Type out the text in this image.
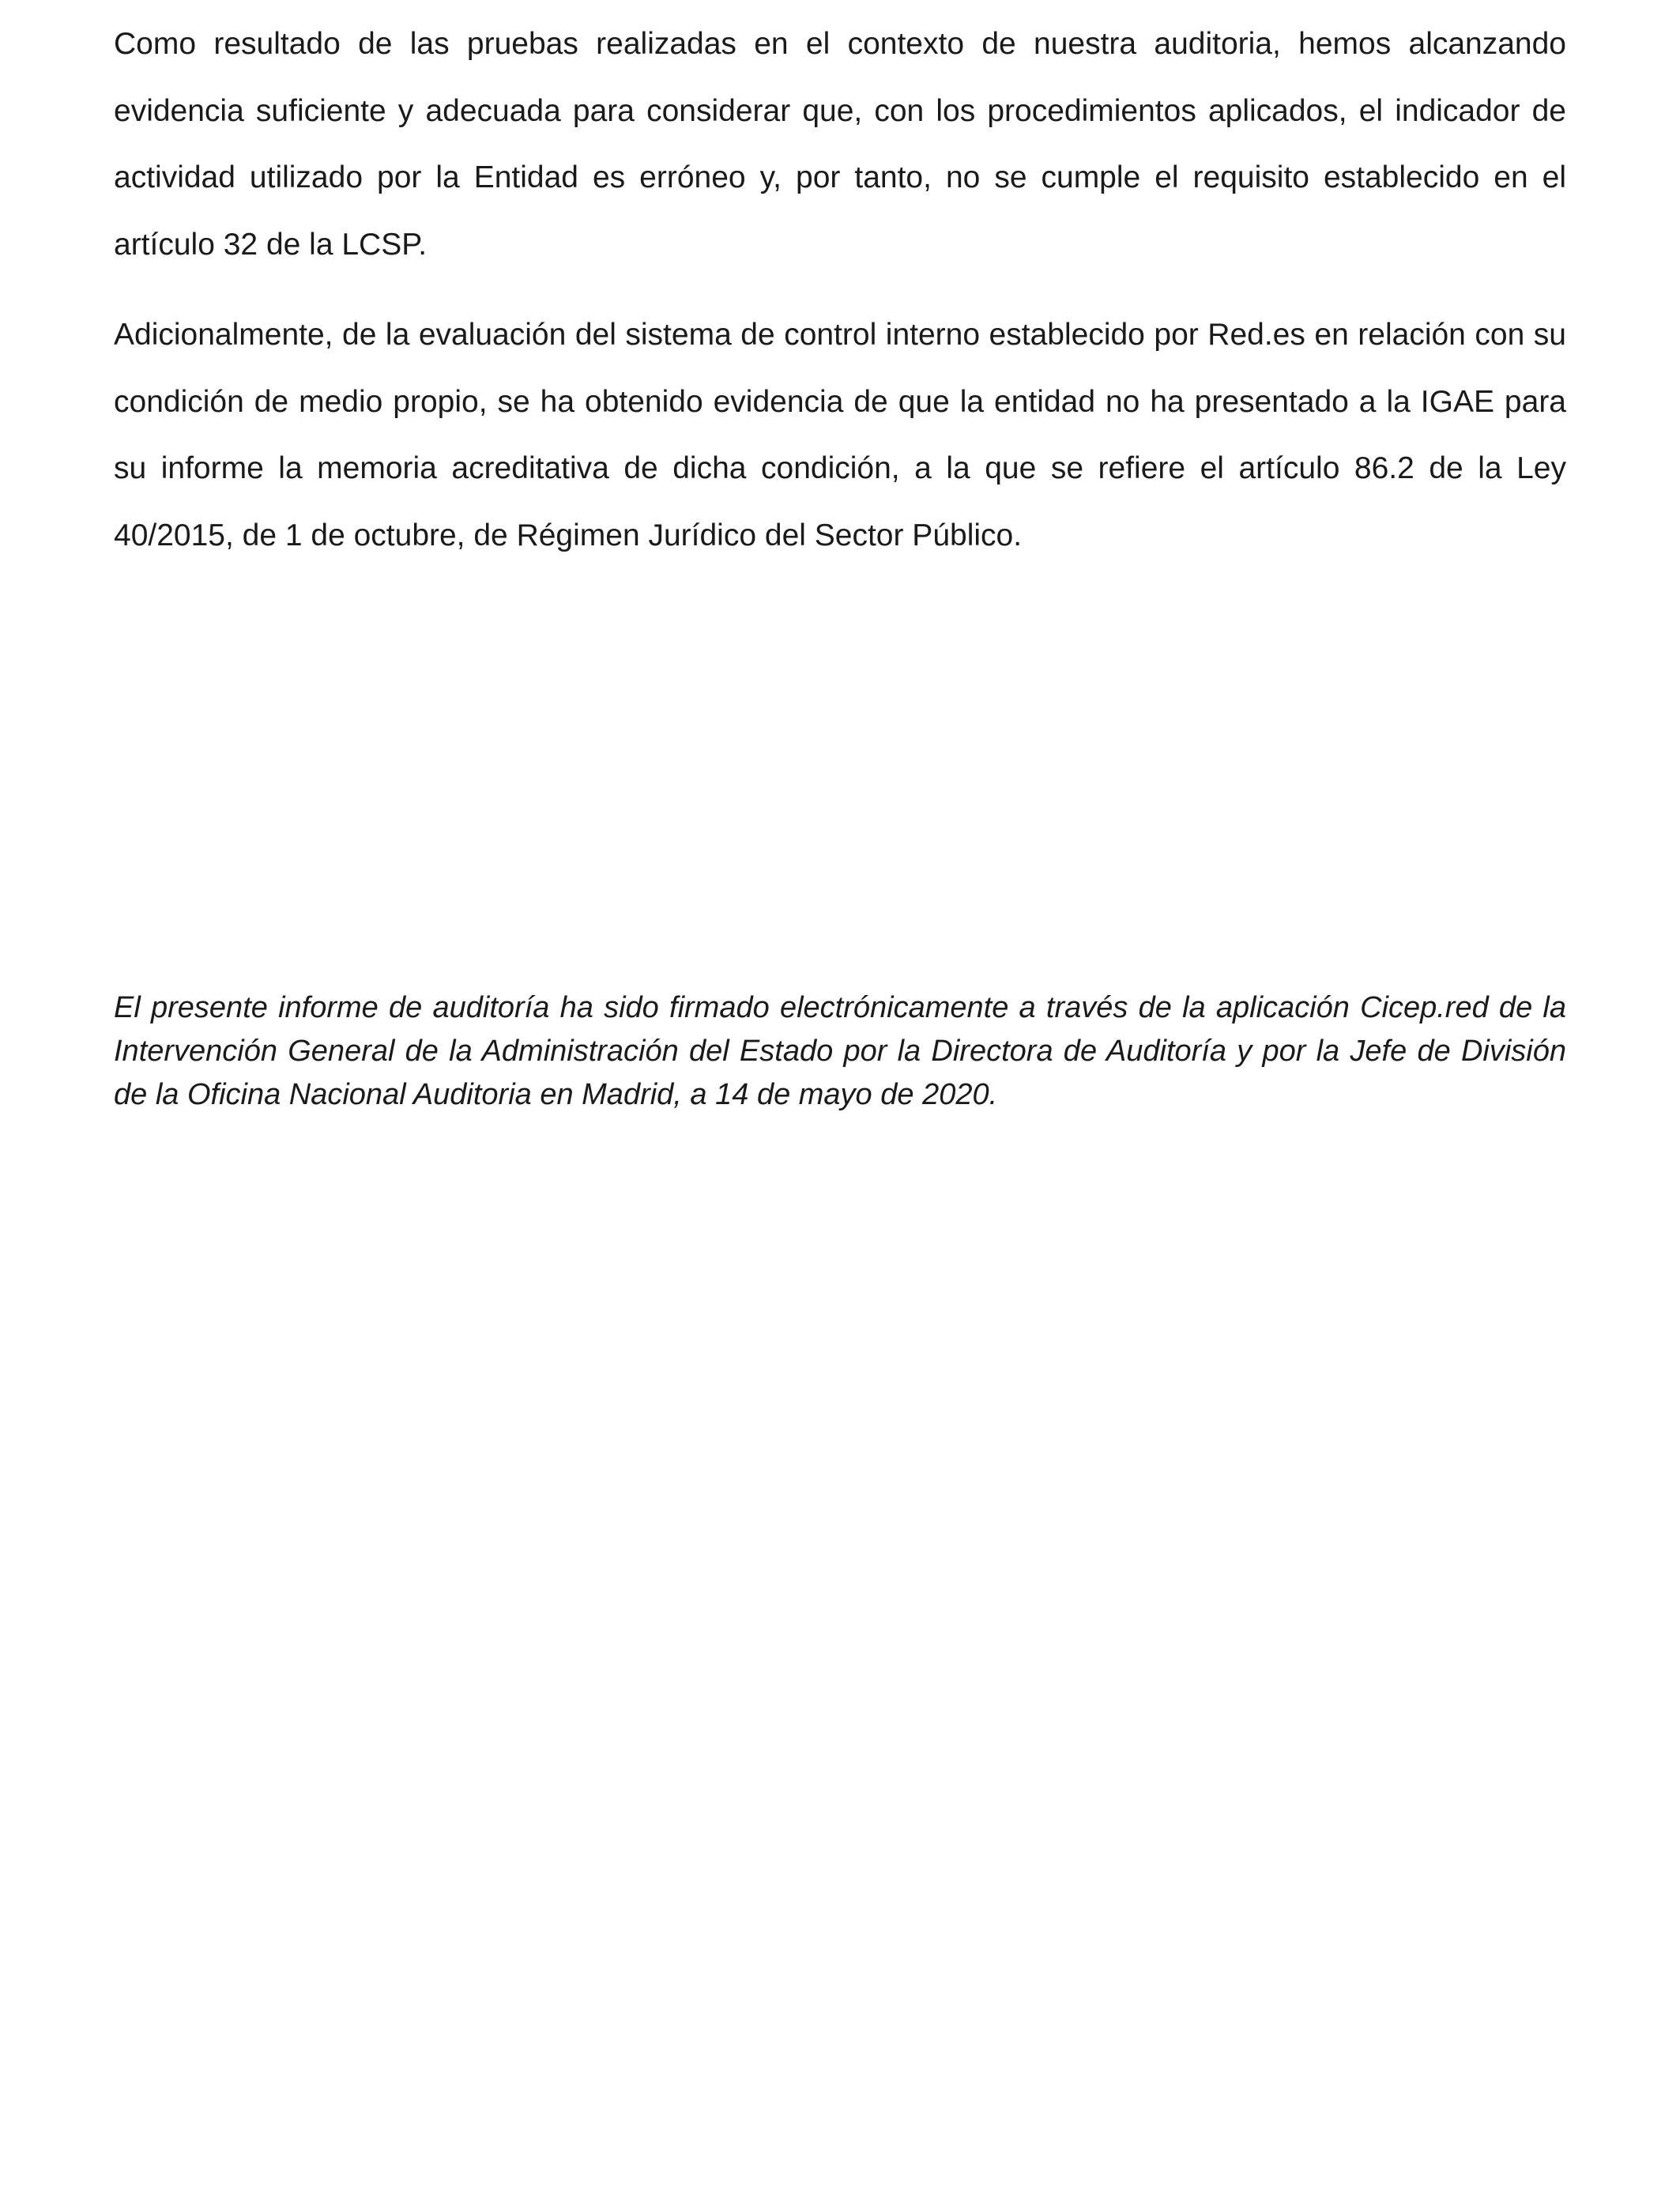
Como resultado de las pruebas realizadas en el contexto de nuestra auditoria, hemos alcanzando evidencia suficiente y adecuada para considerar que, con los procedimientos aplicados, el indicador de actividad utilizado por la Entidad es erróneo y, por tanto, no se cumple el requisito establecido en el artículo 32 de la LCSP.

Adicionalmente, de la evaluación del sistema de control interno establecido por Red.es en relación con su condición de medio propio, se ha obtenido evidencia de que la entidad no ha presentado a la IGAE para su informe la memoria acreditativa de dicha condición, a la que se refiere el artículo 86.2 de la Ley 40/2015, de 1 de octubre, de Régimen Jurídico del Sector Público.

El presente informe de auditoría ha sido firmado electrónicamente a través de la aplicación Cicep.red de la Intervención General de la Administración del Estado por la Directora de Auditoría y por la Jefe de División de la Oficina Nacional Auditoria en Madrid, a 14 de mayo de 2020.
